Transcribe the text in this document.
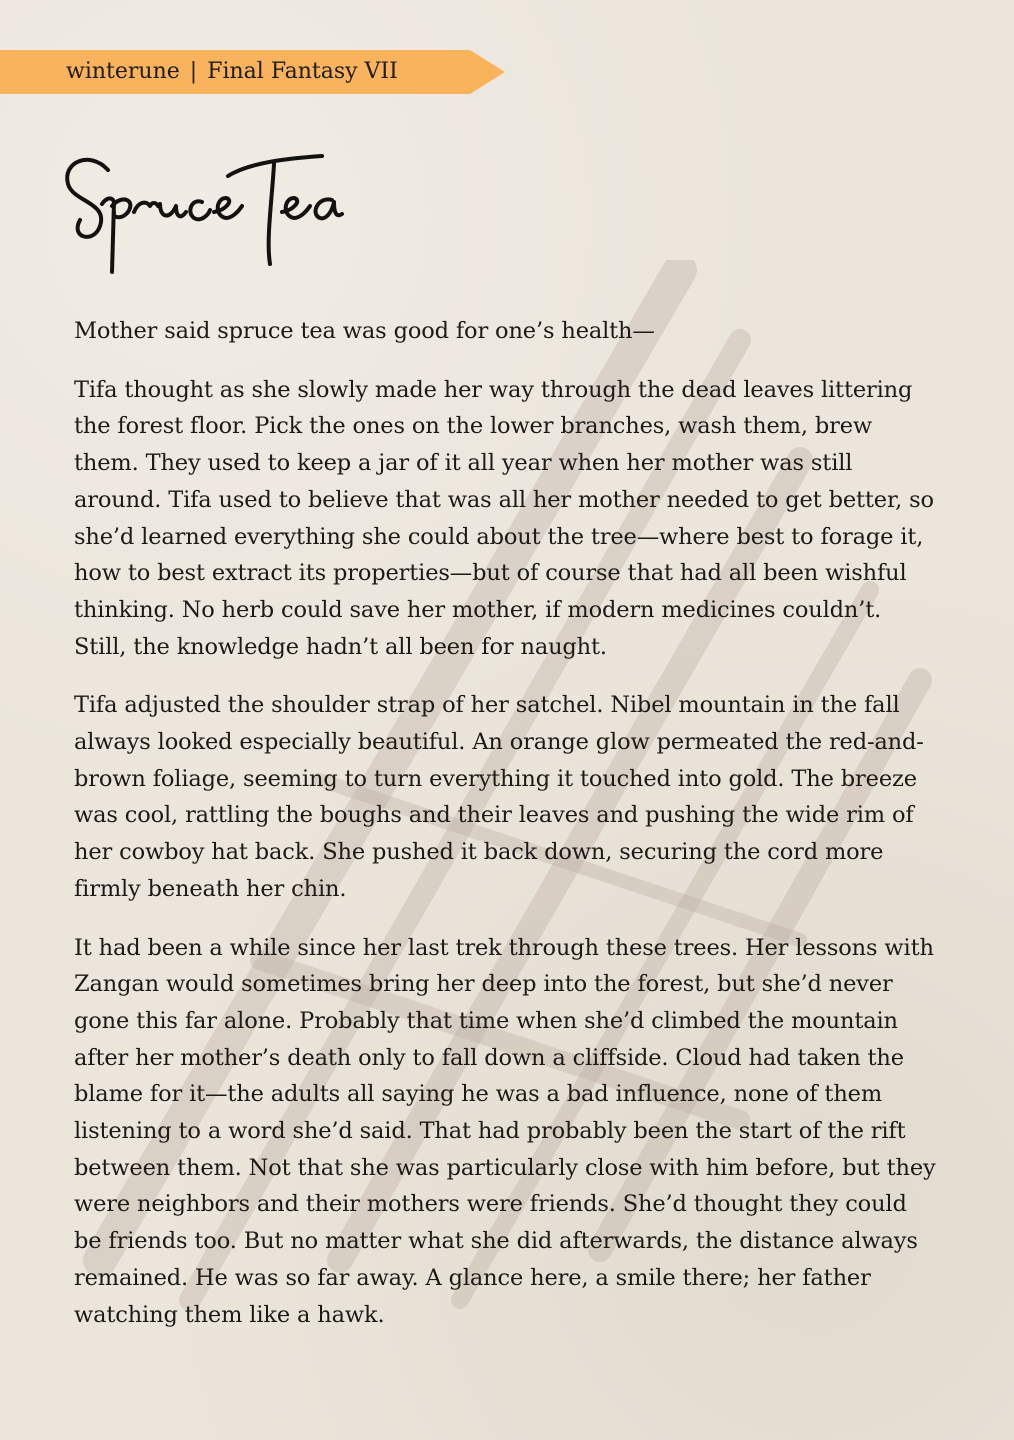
winterune | Final Fantasy VII

Mother said spruce tea was good for one’s health—

Tifa thought as she slowly made her way through the dead leaves littering the forest floor. Pick the ones on the lower branches, wash them, brew them. They used to keep a jar of it all year when her mother was still around. Tifa used to believe that was all her mother needed to get better, so she’d learned everything she could about the tree—where best to forage it, how to best extract its properties—but of course that had all been wishful thinking. No herb could save her mother, if modern medicines couldn’t. Still, the knowledge hadn’t all been for naught.

Tifa adjusted the shoulder strap of her satchel. Nibel mountain in the fall always looked especially beautiful. An orange glow permeated the red-and-brown foliage, seeming to turn everything it touched into gold. The breeze was cool, rattling the boughs and their leaves and pushing the wide rim of her cowboy hat back. She pushed it back down, securing the cord more firmly beneath her chin.

It had been a while since her last trek through these trees. Her lessons with Zangan would sometimes bring her deep into the forest, but she’d never gone this far alone. Probably that time when she’d climbed the mountain after her mother’s death only to fall down a cliffside. Cloud had taken the blame for it—the adults all saying he was a bad influence, none of them listening to a word she’d said. That had probably been the start of the rift between them. Not that she was particularly close with him before, but they were neighbors and their mothers were friends. She’d thought they could be friends too. But no matter what she did afterwards, the distance always remained. He was so far away. A glance here, a smile there; her father watching them like a hawk.
